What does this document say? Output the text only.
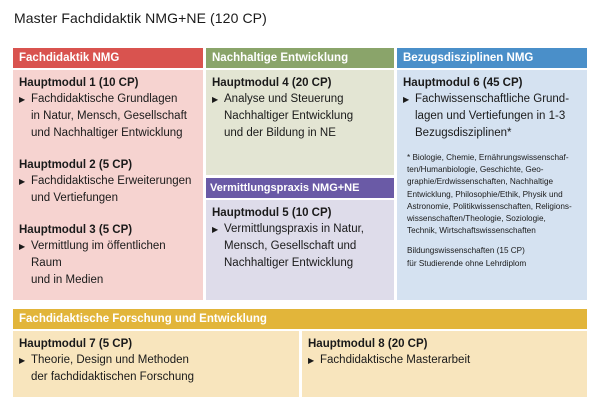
Master Fachdidaktik NMG+NE (120 CP)
Fachdidaktik NMG
Hauptmodul 1 (10 CP)
▶ Fachdidaktische Grundlagen
in Natur, Mensch, Gesellschaft
und Nachhaltiger Entwicklung
Hauptmodul 2 (5 CP)
▶ Fachdidaktische Erweiterungen
und Vertiefungen
Hauptmodul 3 (5 CP)
▶ Vermittlung im öffentlichen Raum
und in Medien
Nachhaltige Entwicklung
Hauptmodul 4 (20 CP)
▶ Analyse und Steuerung
Nachhaltiger Entwicklung
und der Bildung in NE
Vermittlungspraxis NMG+NE
Hauptmodul 5 (10 CP)
▶ Vermittlungspraxis in Natur,
Mensch, Gesellschaft und
Nachhaltiger Entwicklung
Bezugsdisziplinen NMG
Hauptmodul 6 (45 CP)
▶ Fachwissenschaftliche Grund-
lagen und Vertiefungen in 1-3
Bezugsdisziplinen*
* Biologie, Chemie, Ernährungswissenschaf-
ten/Humanbiologie, Geschichte, Geo-
graphie/Erdwissenschaften, Nachhaltige
Entwicklung, Philosophie/Ethik, Physik und
Astronomie, Politikwissenschaften, Religions-
wissenschaften/Theologie, Soziologie,
Technik, Wirtschaftswissenschaften
Bildungswissenschaften (15 CP)
für Studierende ohne Lehrdiplom
Fachdidaktische Forschung und Entwicklung
Hauptmodul 7 (5 CP)
▶ Theorie, Design und Methoden
der fachdidaktischen Forschung
Hauptmodul 8 (20 CP)
▶ Fachdidaktische Masterarbeit
